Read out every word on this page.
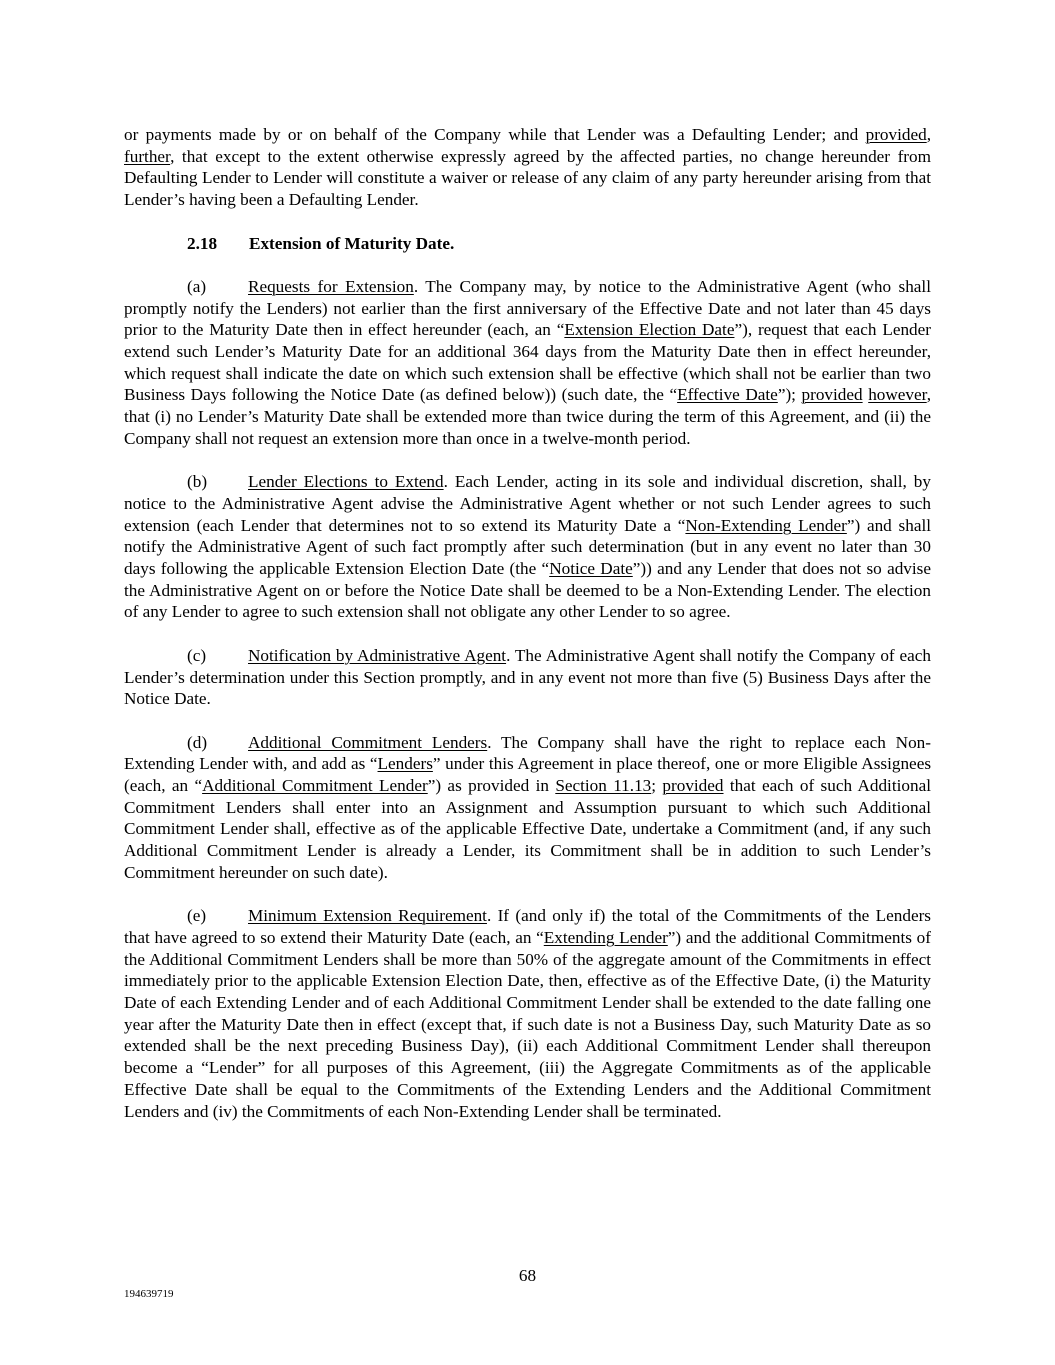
or payments made by or on behalf of the Company while that Lender was a Defaulting Lender; and provided, further, that except to the extent otherwise expressly agreed by the affected parties, no change hereunder from Defaulting Lender to Lender will constitute a waiver or release of any claim of any party hereunder arising from that Lender’s having been a Defaulting Lender.

2.18 Extension of Maturity Date.

(a) Requests for Extension. The Company may, by notice to the Administrative Agent (who shall promptly notify the Lenders) not earlier than the first anniversary of the Effective Date and not later than 45 days prior to the Maturity Date then in effect hereunder (each, an “Extension Election Date”), request that each Lender extend such Lender’s Maturity Date for an additional 364 days from the Maturity Date then in effect hereunder, which request shall indicate the date on which such extension shall be effective (which shall not be earlier than two Business Days following the Notice Date (as defined below)) (such date, the “Effective Date”); provided however, that (i) no Lender’s Maturity Date shall be extended more than twice during the term of this Agreement, and (ii) the Company shall not request an extension more than once in a twelve-month period.

(b) Lender Elections to Extend. Each Lender, acting in its sole and individual discretion, shall, by notice to the Administrative Agent advise the Administrative Agent whether or not such Lender agrees to such extension (each Lender that determines not to so extend its Maturity Date a “Non-Extending Lender”) and shall notify the Administrative Agent of such fact promptly after such determination (but in any event no later than 30 days following the applicable Extension Election Date (the “Notice Date”)) and any Lender that does not so advise the Administrative Agent on or before the Notice Date shall be deemed to be a Non-Extending Lender. The election of any Lender to agree to such extension shall not obligate any other Lender to so agree.

(c) Notification by Administrative Agent. The Administrative Agent shall notify the Company of each Lender’s determination under this Section promptly, and in any event not more than five (5) Business Days after the Notice Date.

(d) Additional Commitment Lenders. The Company shall have the right to replace each Non-Extending Lender with, and add as “Lenders” under this Agreement in place thereof, one or more Eligible Assignees (each, an “Additional Commitment Lender”) as provided in Section 11.13; provided that each of such Additional Commitment Lenders shall enter into an Assignment and Assumption pursuant to which such Additional Commitment Lender shall, effective as of the applicable Effective Date, undertake a Commitment (and, if any such Additional Commitment Lender is already a Lender, its Commitment shall be in addition to such Lender’s Commitment hereunder on such date).

(e) Minimum Extension Requirement. If (and only if) the total of the Commitments of the Lenders that have agreed to so extend their Maturity Date (each, an “Extending Lender”) and the additional Commitments of the Additional Commitment Lenders shall be more than 50% of the aggregate amount of the Commitments in effect immediately prior to the applicable Extension Election Date, then, effective as of the Effective Date, (i) the Maturity Date of each Extending Lender and of each Additional Commitment Lender shall be extended to the date falling one year after the Maturity Date then in effect (except that, if such date is not a Business Day, such Maturity Date as so extended shall be the next preceding Business Day), (ii) each Additional Commitment Lender shall thereupon become a “Lender” for all purposes of this Agreement, (iii) the Aggregate Commitments as of the applicable Effective Date shall be equal to the Commitments of the Extending Lenders and the Additional Commitment Lenders and (iv) the Commitments of each Non-Extending Lender shall be terminated.

68
194639719
